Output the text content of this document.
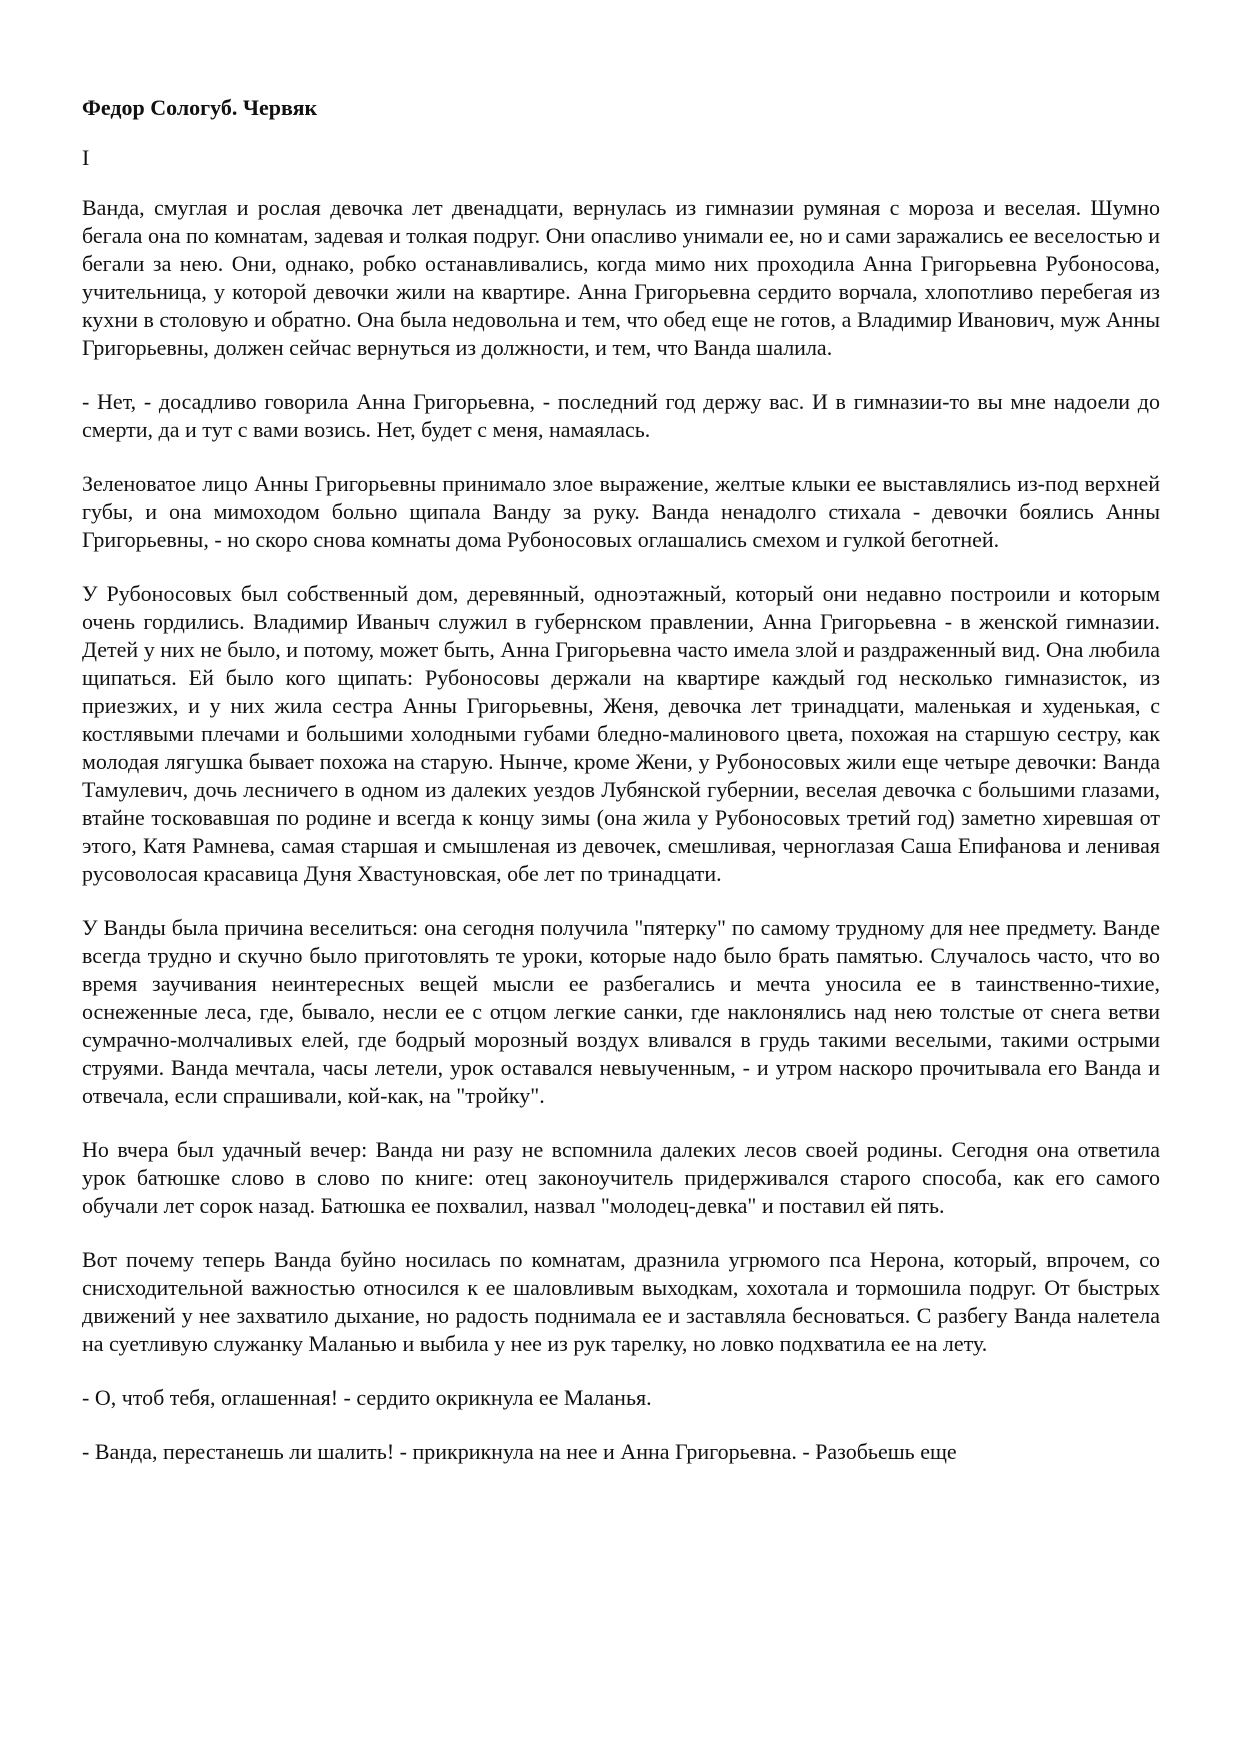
Федор Сологуб. Червяк

I

Ванда, смуглая и рослая девочка лет двенадцати, вернулась из гимназии румяная с мороза и веселая. Шумно бегала она по комнатам, задевая и толкая подруг. Они опасливо унимали ее, но и сами заражались ее веселостью и бегали за нею. Они, однако, робко останавливались, когда мимо них проходила Анна Григорьевна Рубоносова, учительница, у которой девочки жили на квартире. Анна Григорьевна сердито ворчала, хлопотливо перебегая из кухни в столовую и обратно. Она была недовольна и тем, что обед еще не готов, а Владимир Иванович, муж Анны Григорьевны, должен сейчас вернуться из должности, и тем, что Ванда шалила.

- Нет, - досадливо говорила Анна Григорьевна, - последний год держу вас. И в гимназии-то вы мне надоели до смерти, да и тут с вами возись. Нет, будет с меня, намаялась.

Зеленоватое лицо Анны Григорьевны принимало злое выражение, желтые клыки ее выставлялись из-под верхней губы, и она мимоходом больно щипала Ванду за руку. Ванда ненадолго стихала - девочки боялись Анны Григорьевны, - но скоро снова комнаты дома Рубоносовых оглашались смехом и гулкой беготней.

У Рубоносовых был собственный дом, деревянный, одноэтажный, который они недавно построили и которым очень гордились. Владимир Иваныч служил в губернском правлении, Анна Григорьевна - в женской гимназии. Детей у них не было, и потому, может быть, Анна Григорьевна часто имела злой и раздраженный вид. Она любила щипаться. Ей было кого щипать: Рубоносовы держали на квартире каждый год несколько гимназисток, из приезжих, и у них жила сестра Анны Григорьевны, Женя, девочка лет тринадцати, маленькая и худенькая, с костлявыми плечами и большими холодными губами бледно-малинового цвета, похожая на старшую сестру, как молодая лягушка бывает похожа на старую. Нынче, кроме Жени, у Рубоносовых жили еще четыре девочки: Ванда Тамулевич, дочь лесничего в одном из далеких уездов Лубянской губернии, веселая девочка с большими глазами, втайне тосковавшая по родине и всегда к концу зимы (она жила у Рубоносовых третий год) заметно хиревшая от этого, Катя Рамнева, самая старшая и смышленая из девочек, смешливая, черноглазая Саша Епифанова и ленивая русоволосая красавица Дуня Хвастуновская, обе лет по тринадцати.

У Ванды была причина веселиться: она сегодня получила "пятерку" по самому трудному для нее предмету. Ванде всегда трудно и скучно было приготовлять те уроки, которые надо было брать памятью. Случалось часто, что во время заучивания неинтересных вещей мысли ее разбегались и мечта уносила ее в таинственно-тихие, оснеженные леса, где, бывало, несли ее с отцом легкие санки, где наклонялись над нею толстые от снега ветви сумрачно-молчаливых елей, где бодрый морозный воздух вливался в грудь такими веселыми, такими острыми струями. Ванда мечтала, часы летели, урок оставался невыученным, - и утром наскоро прочитывала его Ванда и отвечала, если спрашивали, кой-как, на "тройку".

Но вчера был удачный вечер: Ванда ни разу не вспомнила далеких лесов своей родины. Сегодня она ответила урок батюшке слово в слово по книге: отец законоучитель придерживался старого способа, как его самого обучали лет сорок назад. Батюшка ее похвалил, назвал "молодец-девка" и поставил ей пять.

Вот почему теперь Ванда буйно носилась по комнатам, дразнила угрюмого пса Нерона, который, впрочем, со снисходительной важностью относился к ее шаловливым выходкам, хохотала и тормошила подруг. От быстрых движений у нее захватило дыхание, но радость поднимала ее и заставляла бесноваться. С разбегу Ванда налетела на суетливую служанку Маланью и выбила у нее из рук тарелку, но ловко подхватила ее на лету.

- О, чтоб тебя, оглашенная! - сердито окрикнула ее Маланья.

- Ванда, перестанешь ли шалить! - прикрикнула на нее и Анна Григорьевна. - Разобьешь еще
